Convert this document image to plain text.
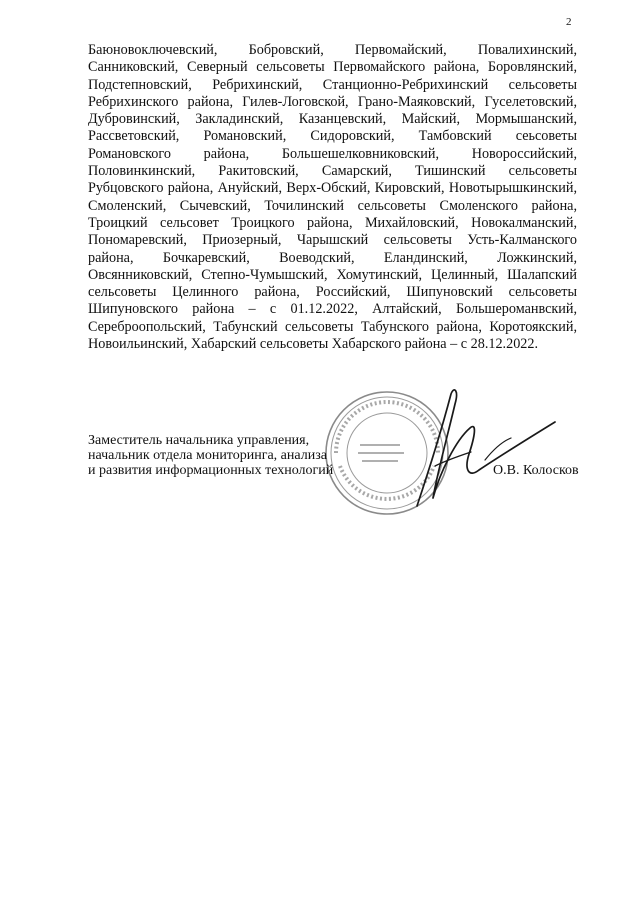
2

Баюновоключевский, Бобровский, Первомайский, Повалихинский, Санниковский, Северный сельсоветы Первомайского района, Боровлянский, Подстепновский, Ребрихинский, Станционно-Ребрихинский сельсоветы Ребрихинского района, Гилев-Логовской, Грано-Маяковский, Гуселетовский, Дубровинский, Закладинский, Казанцевский, Майский, Мормышанский, Рассветовский, Романовский, Сидоровский, Тамбовский сеьсоветы Романовского района, Большешелковниковский, Новороссийский, Половинкинский, Ракитовский, Самарский, Тишинский сельсоветы Рубцовского района, Ануйский, Верх-Обский, Кировский, Новотырышкинский, Смоленский, Сычевский, Точилинский сельсоветы Смоленского района, Троицкий сельсовет Троицкого района, Михайловский, Новокалманский, Пономаревский, Приозерный, Чарышский сельсоветы Усть-Калманского района, Бочкаревский, Воеводский, Еландинский, Ложкинский, Овсянниковский, Степно-Чумышский, Хомутинский, Целинный, Шалапский сельсоветы Целинного района, Российский, Шипуновский сельсоветы Шипуновского района – с 01.12.2022, Алтайский, Большероманвский, Сереброопольский, Табунский сельсоветы Табунского района, Коротоякский, Новоильинский, Хабарский сельсоветы Хабарского района – с 28.12.2022.

Заместитель начальника управления,
начальник отдела мониторинга, анализа
и развития информационных технологий	О.В. Колосков
